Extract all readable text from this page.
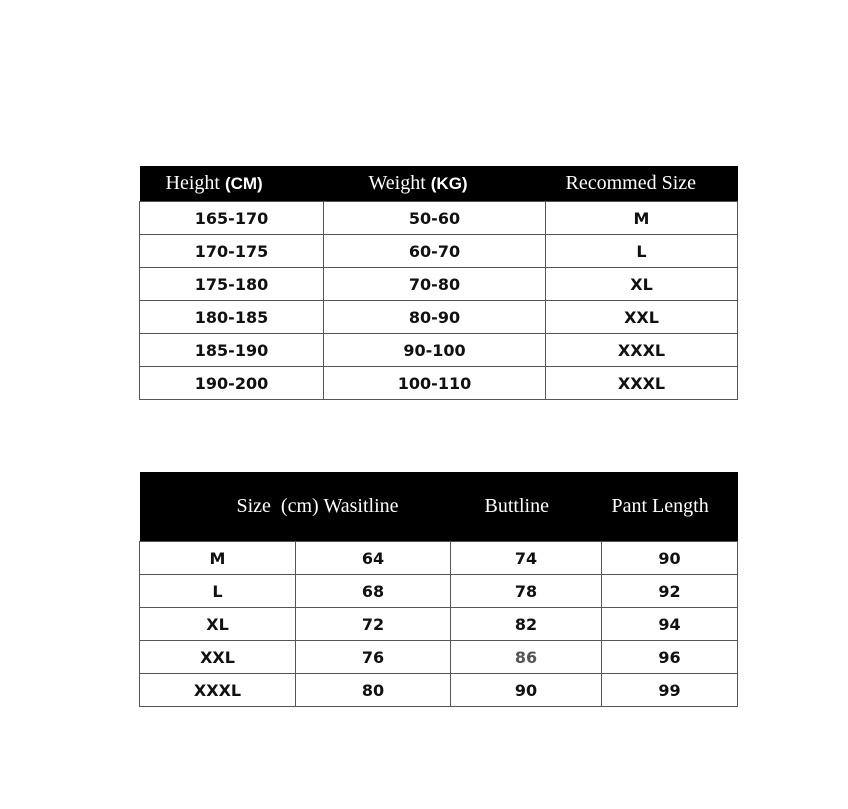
Height (CM)	Weight (KG)	Recommed Size
165-170	50-60	M
170-175	60-70	L
175-180	70-80	XL
180-185	80-90	XXL
185-190	90-100	XXXL
190-200	100-110	XXXL

Size  (cm)	Wasitline	Buttline	Pant Length
M	64	74	90
L	68	78	92
XL	72	82	94
XXL	76	86	96
XXXL	80	90	99
